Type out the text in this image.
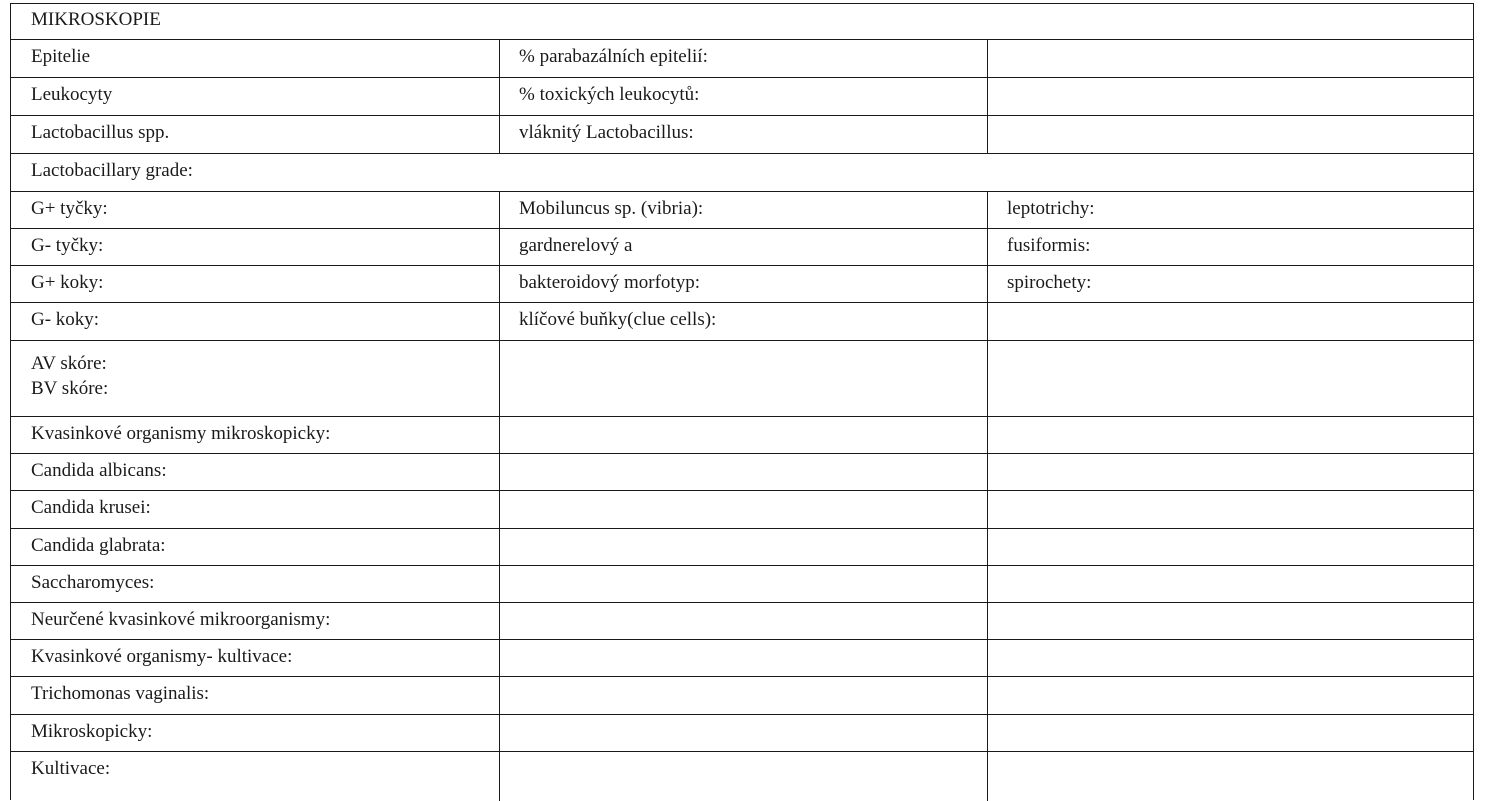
MIKROSKOPIE
Epitelie	% parabazálních epitelií:
Leukocyty	% toxických leukocytů:
Lactobacillus spp.	vláknitý Lactobacillus:
Lactobacillary grade:
G+ tyčky:	Mobiluncus sp. (vibria):	leptotrichy:
G- tyčky:	gardnerelový a	fusiformis:
G+ koky:	bakteroidový morfotyp:	spirochety:
G- koky:	klíčové buňky(clue cells):
AV skóre:
BV skóre:
Kvasinkové organismy mikroskopicky:
Candida albicans:
Candida krusei:
Candida glabrata:
Saccharomyces:
Neurčené kvasinkové mikroorganismy:
Kvasinkové organismy- kultivace:
Trichomonas vaginalis:
Mikroskopicky:
Kultivace:
